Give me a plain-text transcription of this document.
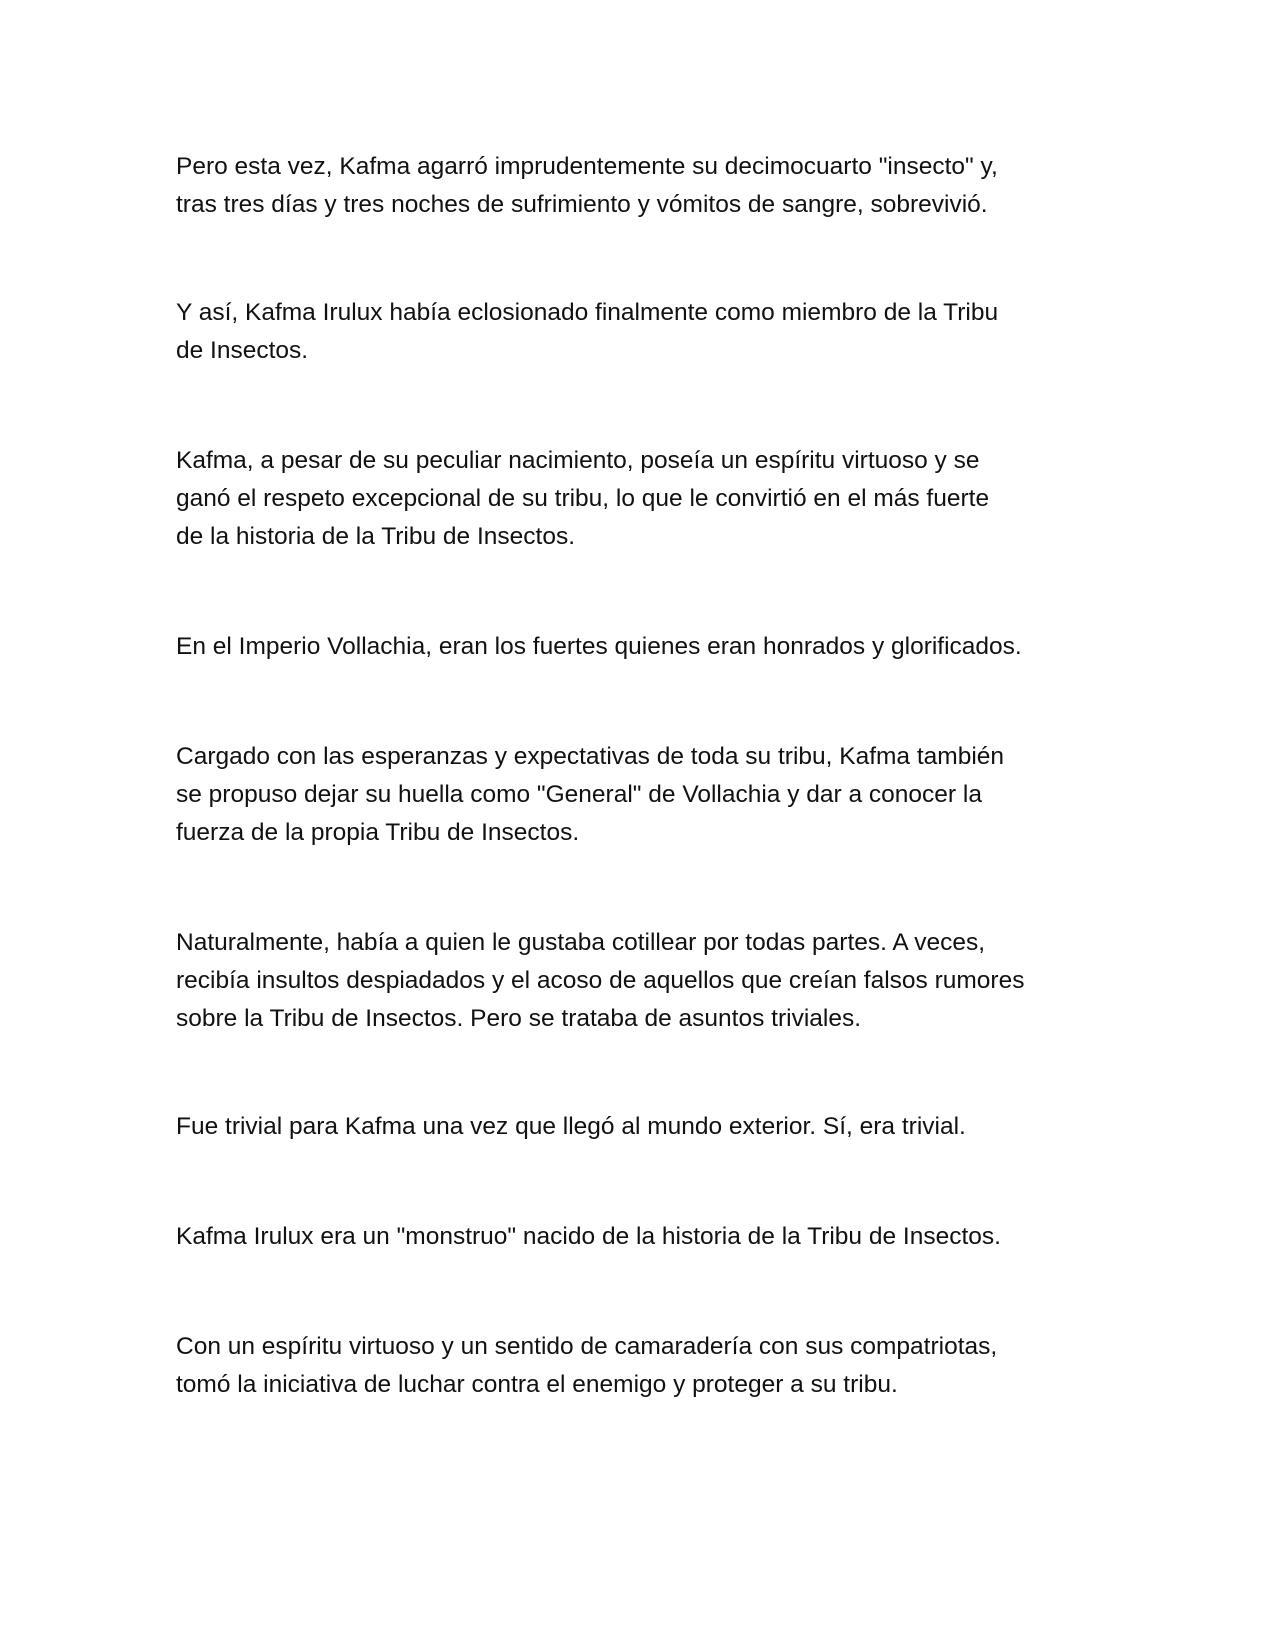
Pero esta vez, Kafma agarró imprudentemente su decimocuarto "insecto" y,
tras tres días y tres noches de sufrimiento y vómitos de sangre, sobrevivió.

Y así, Kafma Irulux había eclosionado finalmente como miembro de la Tribu
de Insectos.

Kafma, a pesar de su peculiar nacimiento, poseía un espíritu virtuoso y se
ganó el respeto excepcional de su tribu, lo que le convirtió en el más fuerte
de la historia de la Tribu de Insectos.

En el Imperio Vollachia, eran los fuertes quienes eran honrados y glorificados.

Cargado con las esperanzas y expectativas de toda su tribu, Kafma también
se propuso dejar su huella como "General" de Vollachia y dar a conocer la
fuerza de la propia Tribu de Insectos.

Naturalmente, había a quien le gustaba cotillear por todas partes. A veces,
recibía insultos despiadados y el acoso de aquellos que creían falsos rumores
sobre la Tribu de Insectos. Pero se trataba de asuntos triviales.

Fue trivial para Kafma una vez que llegó al mundo exterior. Sí, era trivial.

Kafma Irulux era un "monstruo" nacido de la historia de la Tribu de Insectos.

Con un espíritu virtuoso y un sentido de camaradería con sus compatriotas,
tomó la iniciativa de luchar contra el enemigo y proteger a su tribu.
